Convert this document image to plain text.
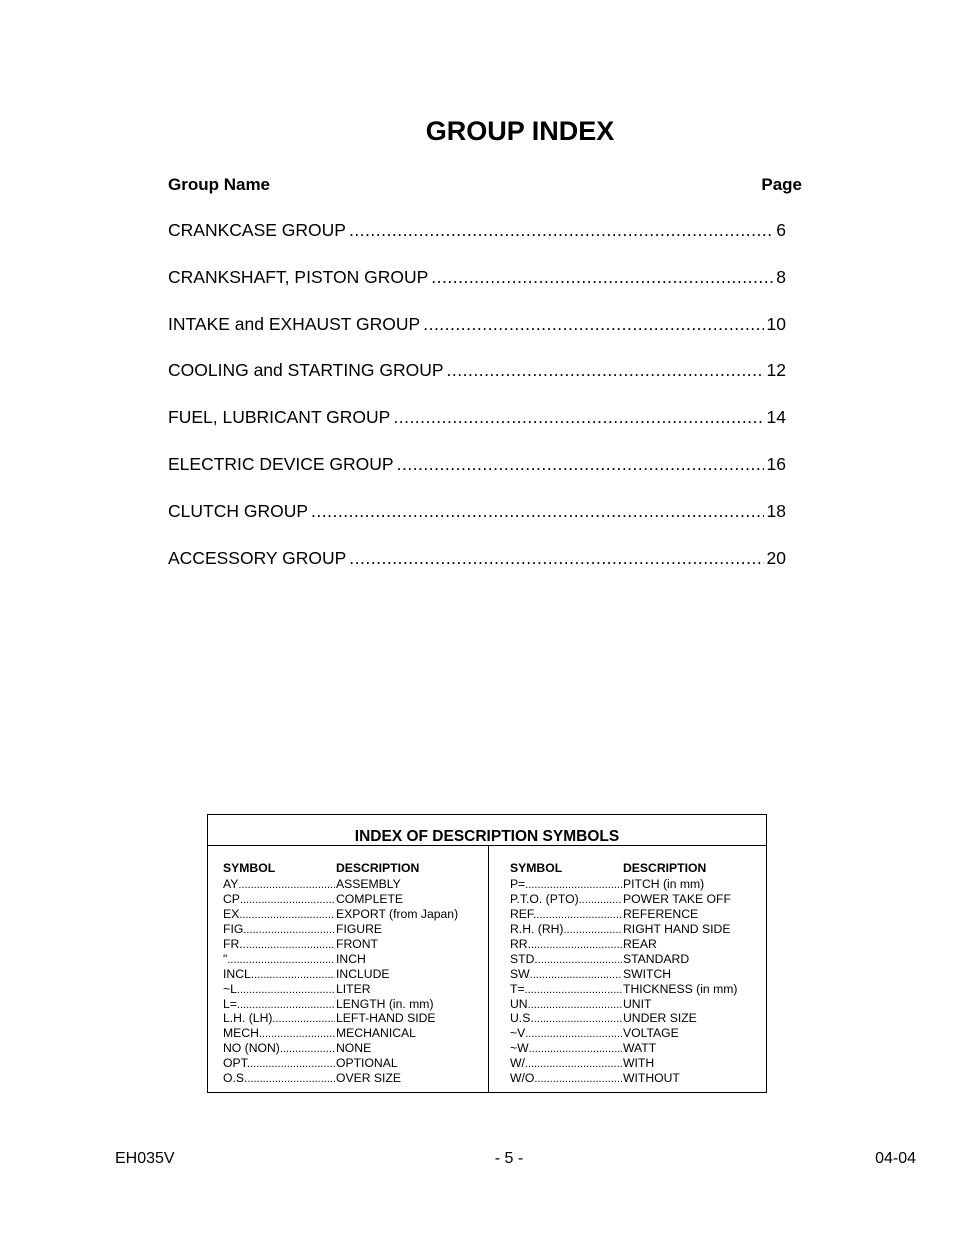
GROUP INDEX
Group Name	Page
CRANKCASE GROUP .....	6
CRANKSHAFT, PISTON GROUP .....	8
INTAKE and EXHAUST GROUP .....	10
COOLING and STARTING GROUP .....	12
FUEL, LUBRICANT GROUP .....	14
ELECTRIC DEVICE GROUP .....	16
CLUTCH GROUP .....	18
ACCESSORY GROUP .....	20
INDEX OF DESCRIPTION SYMBOLS
SYMBOL	DESCRIPTION
AY .....	ASSEMBLY
CP .....	COMPLETE
EX .....	EXPORT (from Japan)
FIG .....	FIGURE
FR. .....	FRONT
" .....	INCH
INCL. .....	INCLUDE
~L .....	LITER
L= .....	LENGTH (in. mm)
L.H. (LH) .....	LEFT-HAND SIDE
MECH .....	MECHANICAL
NO (NON) .....	NONE
OPT. .....	OPTIONAL
O.S. .....	OVER SIZE
SYMBOL	DESCRIPTION
P= .....	PITCH (in mm)
P.T.O. (PTO) .....	POWER TAKE OFF
REF. .....	REFERENCE
R.H. (RH) .....	RIGHT HAND SIDE
RR. .....	REAR
STD. .....	STANDARD
SW .....	SWITCH
T= .....	THICKNESS (in mm)
UN .....	UNIT
U.S. .....	UNDER SIZE
~V .....	VOLTAGE
~W .....	WATT
W/ .....	WITH
W/O .....	WITHOUT
EH035V	- 5 -	04-04
